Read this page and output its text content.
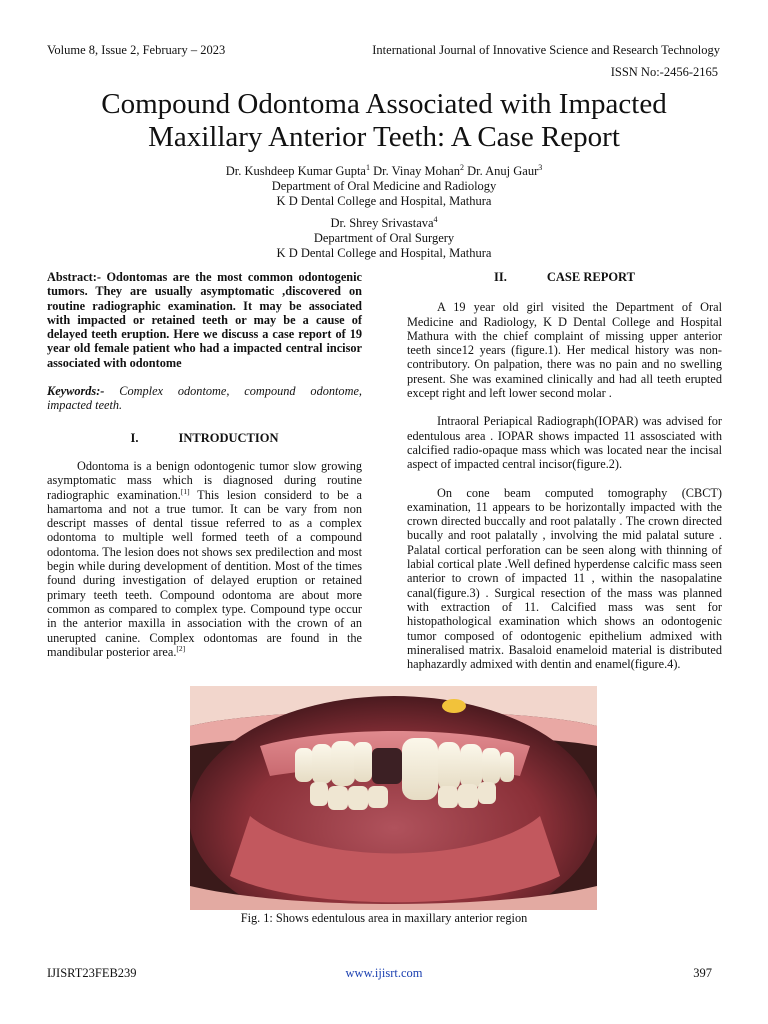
Volume 8, Issue 2, February – 2023	International Journal of Innovative Science and Research Technology
ISSN No:-2456-2165
Compound Odontoma Associated with Impacted
Maxillary Anterior Teeth: A Case Report

Dr. Kushdeep Kumar Gupta$^1$ Dr. Vinay Mohan$^2$ Dr. Anuj Gaur$^3$

Department of Oral Medicine and Radiology

K D Dental College and Hospital, Mathura

Dr. Shrey Srivastava$^4$

Department of Oral Surgery

K D Dental College and Hospital, Mathura

Abstract:- Odontomas are the most common odontogenic tumors. They are usually asymptomatic ,discovered on routine radiographic examination. It may be associated with impacted or retained teeth or may be a cause of delayed teeth eruption. Here we discuss a case report of 19 year old female patient who had a impacted central incisor associated with odontome

Keywords:- Complex odontome, compound odontome, impacted teeth.

I.	INTRODUCTION

Odontoma is a benign odontogenic tumor slow growing asymptomatic mass which is diagnosed during routine radiographic examination.[1] This lesion considerd to be a hamartoma and not a true tumor. It can be vary from non descript masses of dental tissue referred to as a complex odontoma to multiple well formed teeth of a compound odontoma. The lesion does not shows sex predilection and most begin while during development of dentition. Most of the times found during investigation of delayed eruption or retained primary teeth teeth. Compound odontoma are about more common as compared to complex type. Compound type occur in the anterior maxilla in association with the crown of an unerupted canine. Complex odontomas are found in the mandibular posterior area.[2]

II.	CASE REPORT

A 19 year old girl visited the Department of Oral Medicine and Radiology, K D Dental College and Hospital Mathura with the chief complaint of missing upper anterior teeth since12 years (figure.1). Her medical history was non-contributory. On palpation, there was no pain and no swelling present. She was examined clinically and had all teeth erupted except right and left lower second molar .

Intraoral Periapical Radiograph(IOPAR) was advised for edentulous area . IOPAR shows impacted 11 assosciated with calcified radio-opaque mass which was located near the incisal aspect of impacted central incisor(figure.2).

On cone beam computed tomography (CBCT) examination, 11 appears to be horizontally impacted with the crown directed buccally and root palatally . The crown directed bucally and root palatally , involving the mid palatal suture . Palatal cortical perforation can be seen along with thinning of labial cortical plate .Well defined hyperdense calcific mass seen anterior to crown of impacted 11 , within the nasopalatine canal(figure.3) . Surgical resection of the mass was planned with extraction of 11. Calcified mass was sent for histopathological examination which shows an odontogenic tumor composed of odontogenic epithelium admixed with mineralised matrix. Basaloid enameloid material is distributed haphazardly admixed with dentin and enamel(figure.4).

Fig. 1: Shows edentulous area in maxillary anterior region
IJISRT23FEB239	www.ijisrt.com	397
